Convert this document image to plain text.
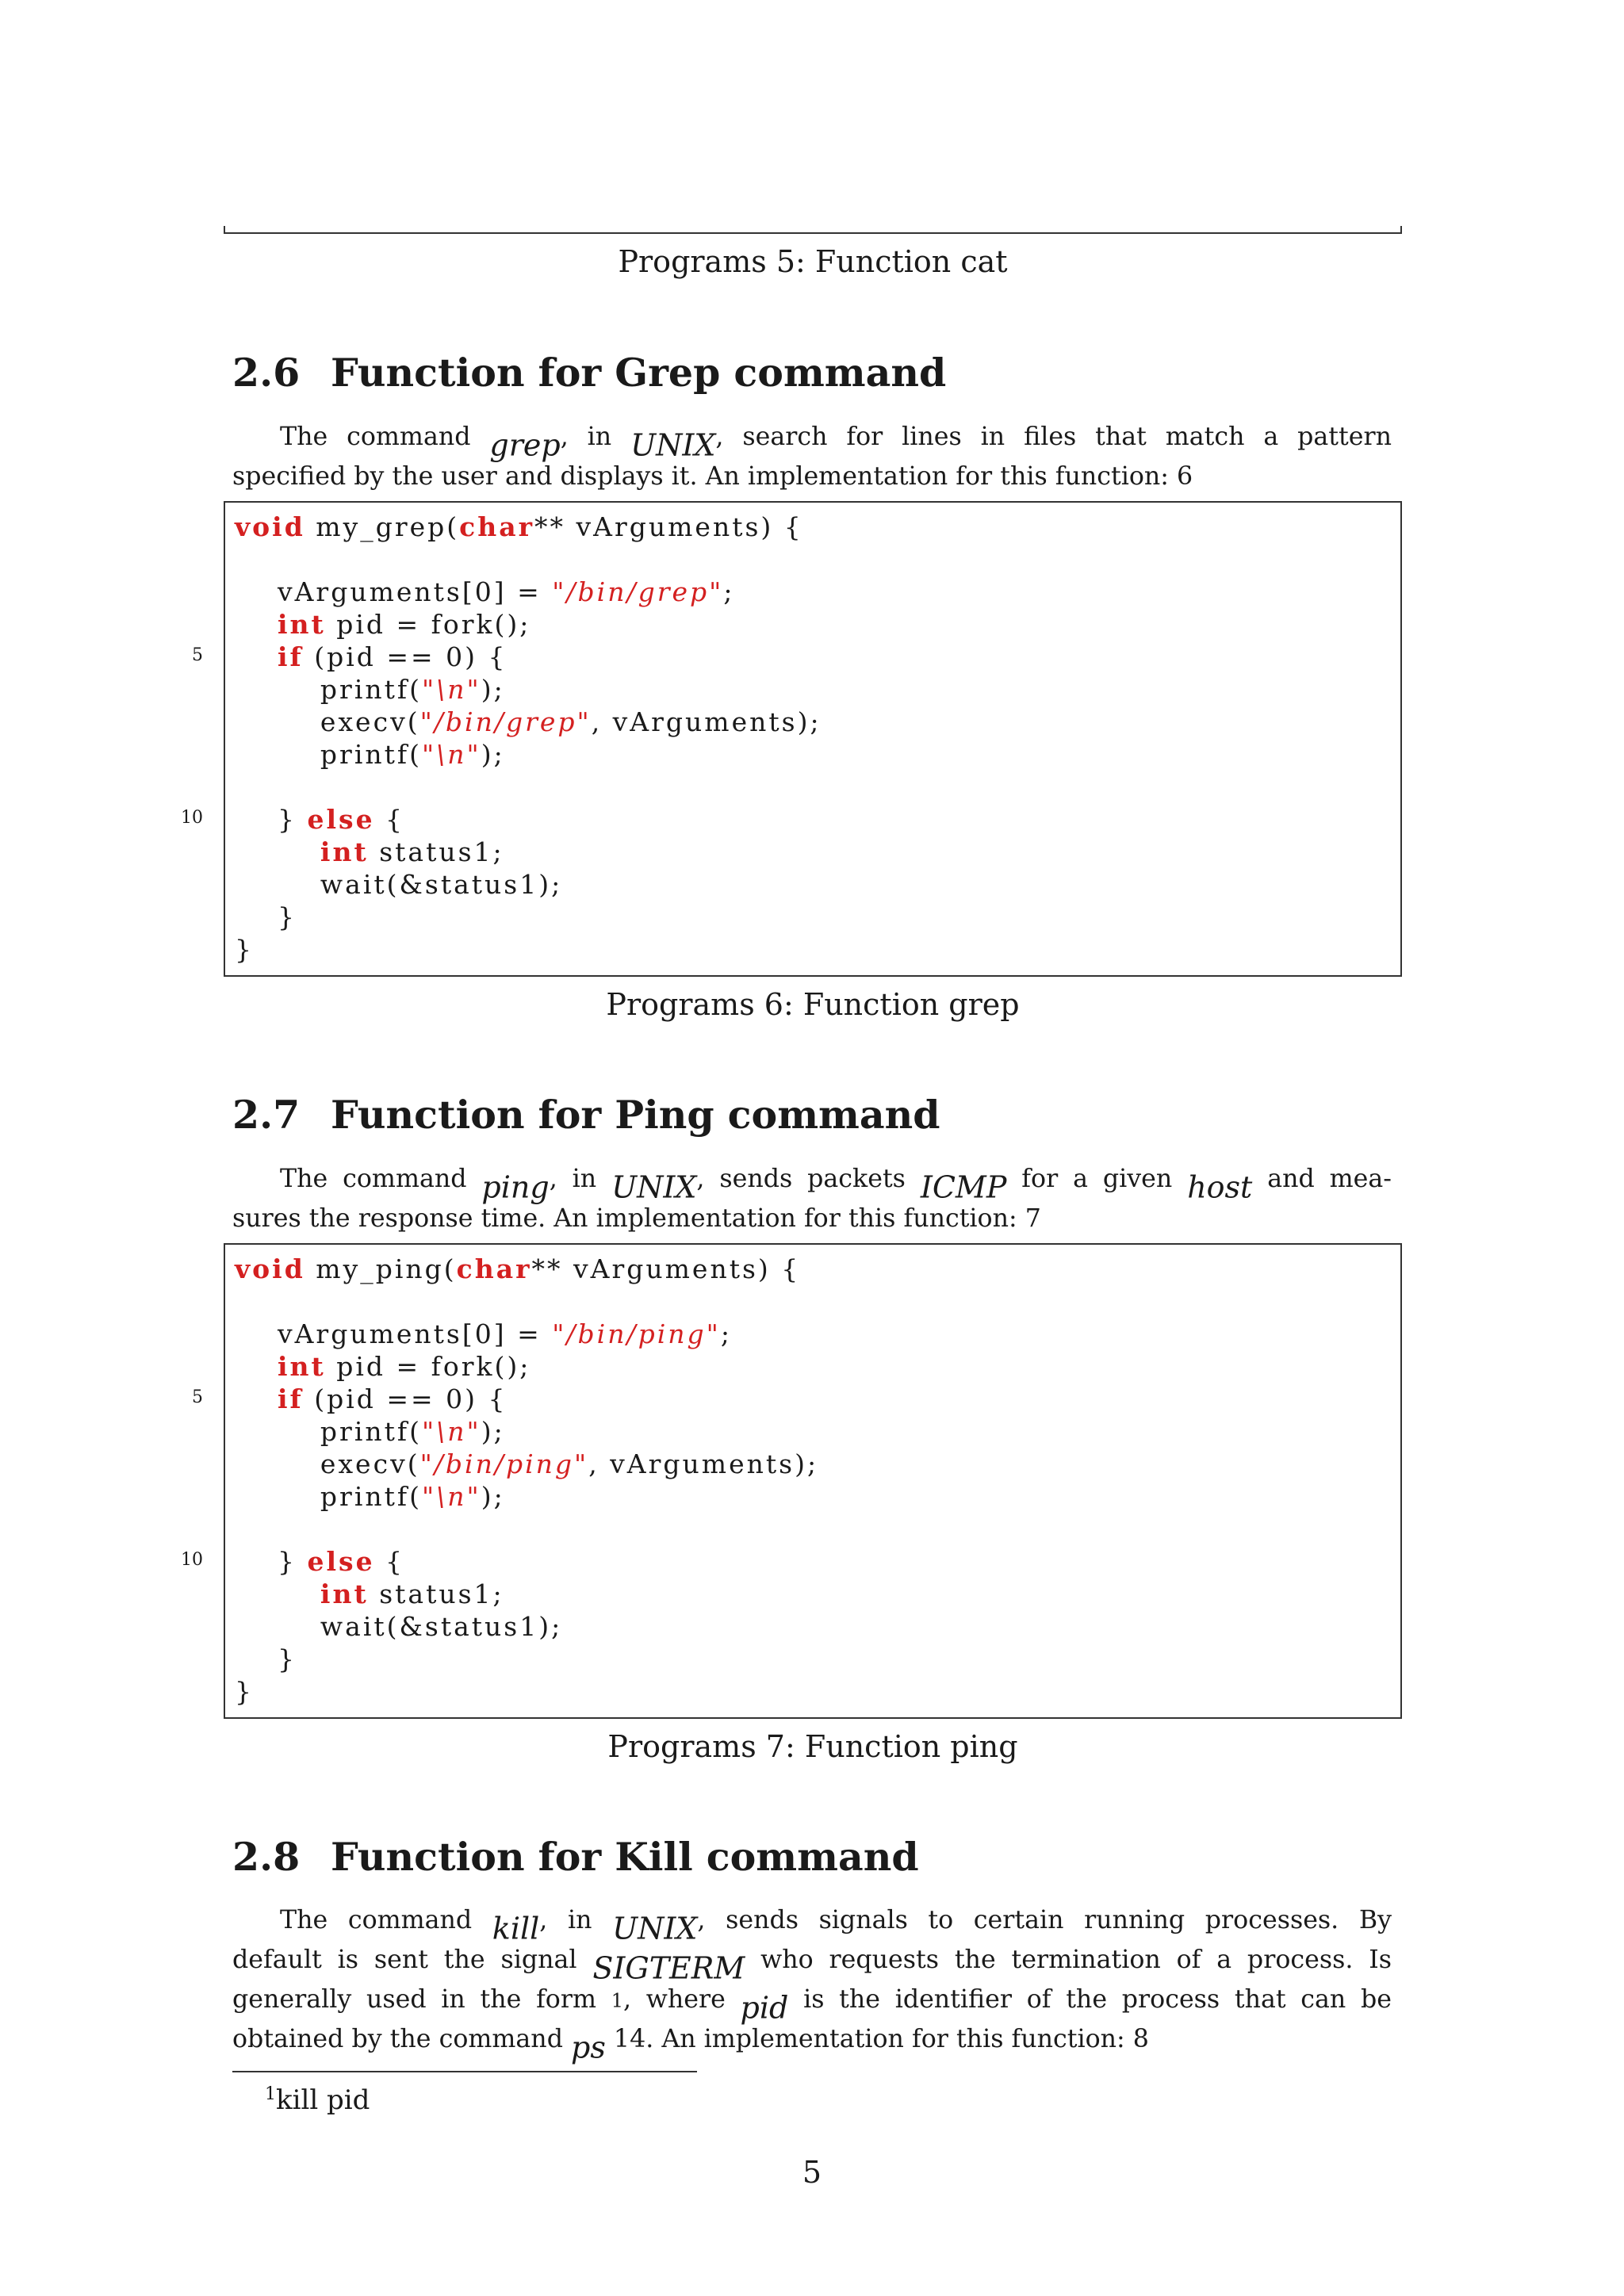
Programs 5: Function cat
2.6 Function for Grep command
$^{The command}$ grep$^{, in}$ $UNIX^{, search for lines in files that match a pattern}$
$^{specified by the user and displays it. An implementation for this function: 6}$
void my_grep(char** vArguments) {
vArguments[0] = "/bin/grep";
int pid = fork();
if (pid == 0) {
printf("\n");
execv("/bin/grep", vArguments);
printf("\n");
} else {
int status1;
wait(&status1);
}
}
Programs 6: Function grep
2.7 Function for Ping command
$^{The command}$ ping$^{, in}$ $UNIX^{, sends packets}$ ICMP $^{for a given}$ host $^{and mea-}$
$^{sures the response time. An implementation for this function: 7}$
void my_ping(char** vArguments) {
vArguments[0] = "/bin/ping";
int pid = fork();
if (pid == 0) {
printf("\n");
execv("/bin/ping", vArguments);
printf("\n");
} else {
int status1;
wait(&status1);
}
}
Programs 7: Function ping
2.8 Function for Kill command
$^{The command}$ kill$^{, in}$ $UNIX^{, sends signals to certain running processes. By}$
$^{default is sent the signal}$ SIGTERM $^{who requests the termination of a process. Is}$
$^{generally used in the form}$ $^{1, where}$ pid $^{is the identifier of the process that can be}$
$^{obtained by the command}$ ps $^{14. An implementation for this function: 8}$
$^1$kill pid
5
5
10
5
10
